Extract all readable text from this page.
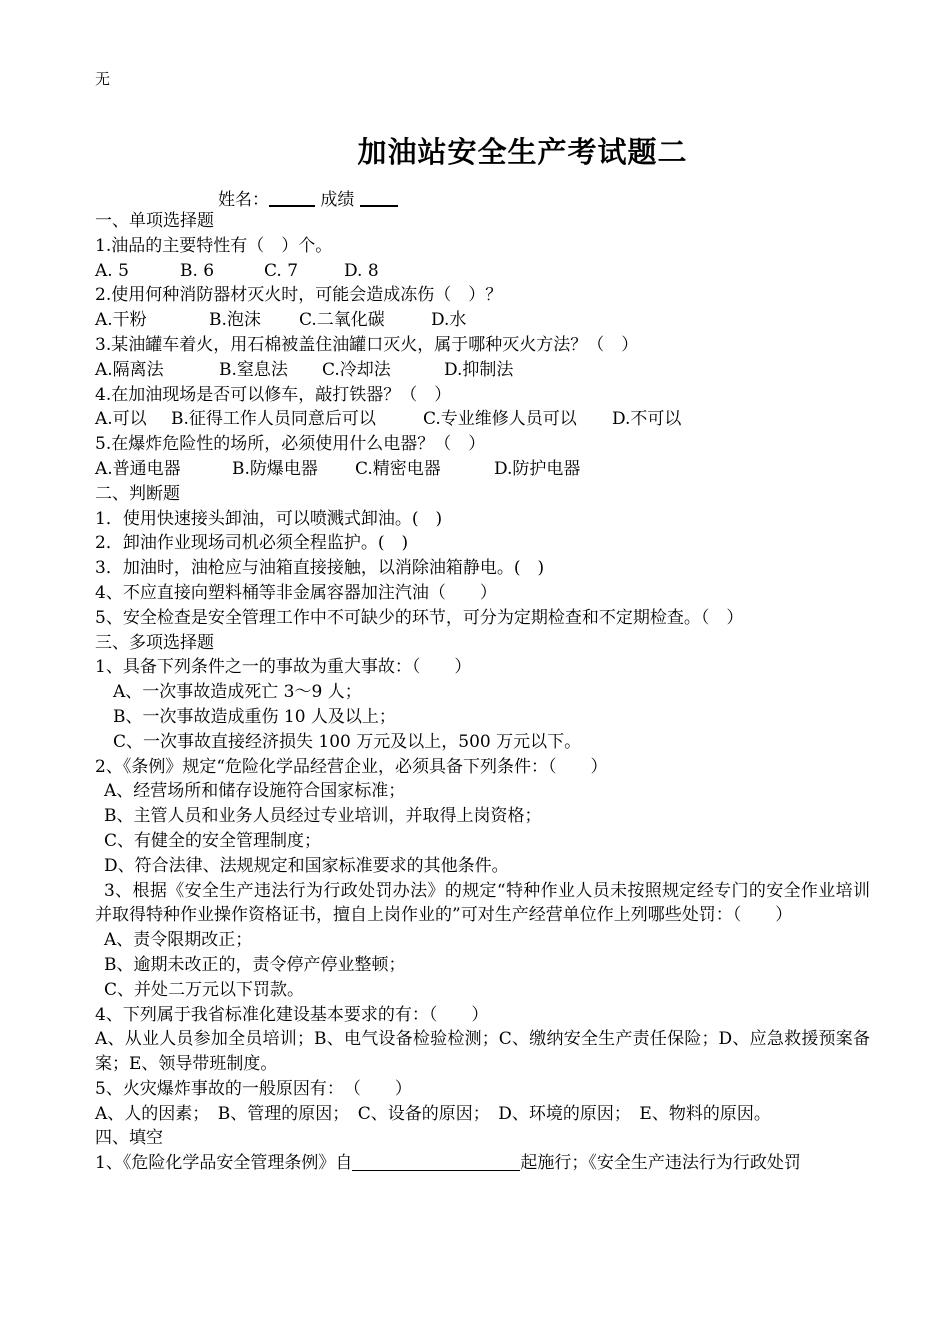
无
加油站安全生产考试题二
姓名：	成绩
一、单项选择题
1.油品的主要特性有（　）个。
A. 5	B. 6	C. 7	D. 8
2.使用何种消防器材灭火时，可能会造成冻伤（　）？
A.干粉	B.泡沫 C.二氧化碳	D.水
3.某油罐车着火，用石棉被盖住油罐口灭火，属于哪种灭火方法？（　）
A.隔离法	B.窒息法 C.冷却法	D.抑制法
4.在加油现场是否可以修车，敲打铁器？（　）
A.可以 B.征得工作人员同意后可以	C.专业维修人员可以 D.不可以
5.在爆炸危险性的场所，必须使用什么电器？（　）
A.普通电器	B.防爆电器 C.精密电器	D.防护电器
二、判断题
1．使用快速接头卸油，可以喷溅式卸油。(　)
2．卸油作业现场司机必须全程监护。(　)
3．加油时，油枪应与油箱直接接触，以消除油箱静电。(　)
4、不应直接向塑料桶等非金属容器加注汽油（　　）
5、安全检查是安全管理工作中不可缺少的环节，可分为定期检查和不定期检查。（　）
三、多项选择题
1、具备下列条件之一的事故为重大事故：（　　）
A、一次事故造成死亡 3～9 人；
B、一次事故造成重伤 10 人及以上；
C、一次事故直接经济损失 100 万元及以上，500 万元以下。
2、《条例》规定“危险化学品经营企业，必须具备下列条件：（　　）
A、经营场所和储存设施符合国家标准；
B、主管人员和业务人员经过专业培训，并取得上岗资格；
C、有健全的安全管理制度；
D、符合法律、法规规定和国家标准要求的其他条件。
3、根据《安全生产违法行为行政处罚办法》的规定“特种作业人员未按照规定经专门的安全作业培训并取得特种作业操作资格证书，擅自上岗作业的”可对生产经营单位作上列哪些处罚：（　　）
A、责令限期改正；
B、逾期未改正的，责令停产停业整顿；
C、并处二万元以下罚款。
4、下列属于我省标准化建设基本要求的有：（　　）
A、从业人员参加全员培训；B、电气设备检验检测；C、缴纳安全生产责任保险；D、应急救援预案备案；E、领导带班制度。
5、火灾爆炸事故的一般原因有：　（　　）
A、人的因素；　B、管理的原因；　C、设备的原因；　D、环境的原因；　E、物料的原因。
四、填空
1、《危险化学品安全管理条例》自	起施行；《安全生产违法行为行政处罚
